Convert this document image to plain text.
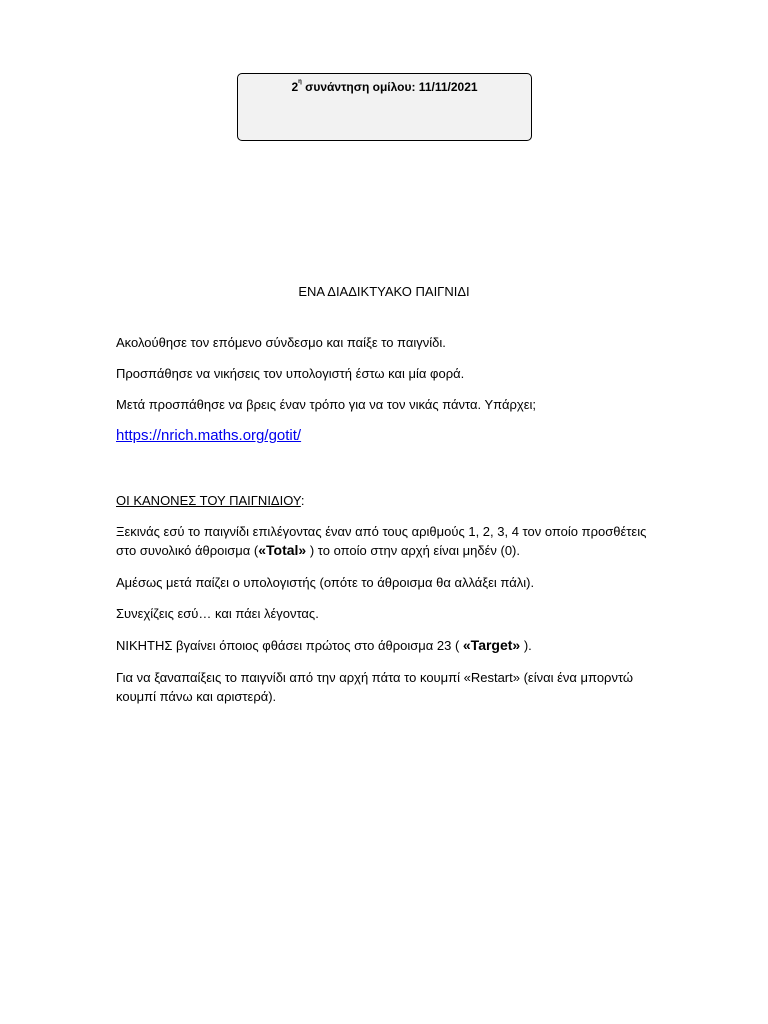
$2^\eta$ συνάντηση ομίλου: 11/11/2021
ΕΝΑ ΔΙΑΔΙΚΤΥΑΚΟ ΠΑΙΓΝΙΔΙ

Ακολούθησε τον επόμενο σύνδεσμο και παίξε το παιγνίδι.

Προσπάθησε να νικήσεις τον υπολογιστή έστω και μία φορά.

Μετά προσπάθησε να βρεις έναν τρόπο για να τον νικάς πάντα. Υπάρχει;

https://nrich.maths.org/gotit/

ΟΙ ΚΑΝΟΝΕΣ ΤΟΥ ΠΑΙΓΝΙΔΙΟΥ:

Ξεκινάς εσύ το παιγνίδι επιλέγοντας έναν από τους αριθμούς 1, 2, 3, 4 τον οποίο προσθέτεις στο συνολικό άθροισμα («Total» ) το οποίο στην αρχή είναι μηδέν (0).

Αμέσως μετά παίζει ο υπολογιστής (οπότε το άθροισμα θα αλλάξει πάλι).

Συνεχίζεις εσύ… και πάει λέγοντας.

ΝΙΚΗΤΗΣ βγαίνει όποιος φθάσει πρώτος στο άθροισμα 23 ( «Target» ).

Για να ξαναπαίξεις το παιγνίδι από την αρχή πάτα το κουμπί «Restart» (είναι ένα μπορντώ κουμπί πάνω και αριστερά).
